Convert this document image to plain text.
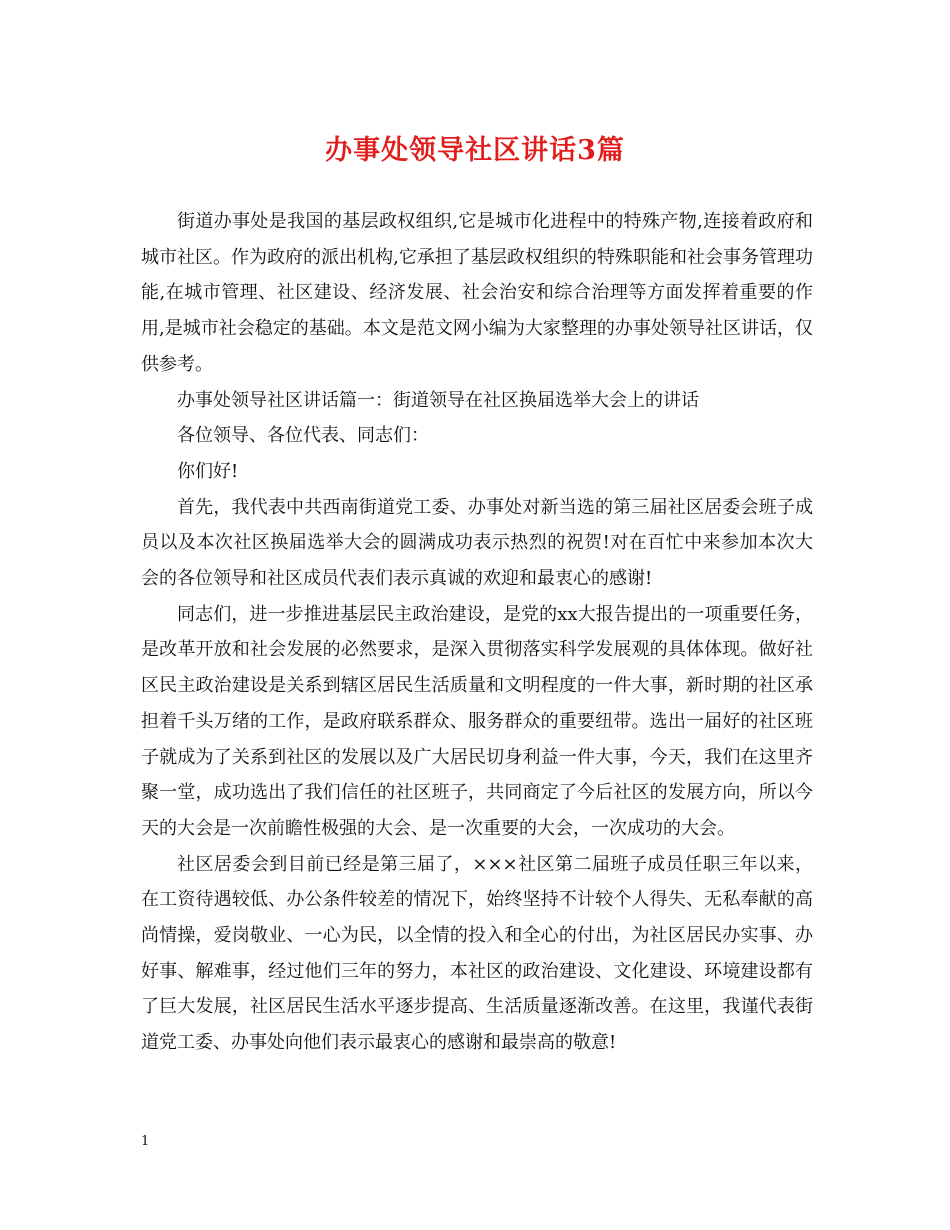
办事处领导社区讲话3篇

街道办事处是我国的基层政权组织,它是城市化进程中的特殊产物,连接着政府和城市社区。作为政府的派出机构,它承担了基层政权组织的特殊职能和社会事务管理功能,在城市管理、社区建设、经济发展、社会治安和综合治理等方面发挥着重要的作用,是城市社会稳定的基础。本文是范文网小编为大家整理的办事处领导社区讲话，仅供参考。

办事处领导社区讲话篇一：街道领导在社区换届选举大会上的讲话

各位领导、各位代表、同志们：

你们好!

首先，我代表中共西南街道党工委、办事处对新当选的第三届社区居委会班子成员以及本次社区换届选举大会的圆满成功表示热烈的祝贺!对在百忙中来参加本次大会的各位领导和社区成员代表们表示真诚的欢迎和最衷心的感谢!

同志们，进一步推进基层民主政治建设，是党的xx大报告提出的一项重要任务，是改革开放和社会发展的必然要求，是深入贯彻落实科学发展观的具体体现。做好社区民主政治建设是关系到辖区居民生活质量和文明程度的一件大事，新时期的社区承担着千头万绪的工作，是政府联系群众、服务群众的重要纽带。选出一届好的社区班子就成为了关系到社区的发展以及广大居民切身利益一件大事，今天，我们在这里齐聚一堂，成功选出了我们信任的社区班子，共同商定了今后社区的发展方向，所以今天的大会是一次前瞻性极强的大会、是一次重要的大会，一次成功的大会。

社区居委会到目前已经是第三届了，×××社区第二届班子成员任职三年以来，在工资待遇较低、办公条件较差的情况下，始终坚持不计较个人得失、无私奉献的高尚情操，爱岗敬业、一心为民，以全情的投入和全心的付出，为社区居民办实事、办好事、解难事，经过他们三年的努力，本社区的政治建设、文化建设、环境建设都有了巨大发展，社区居民生活水平逐步提高、生活质量逐渐改善。在这里，我谨代表街道党工委、办事处向他们表示最衷心的感谢和最崇高的敬意!

1
